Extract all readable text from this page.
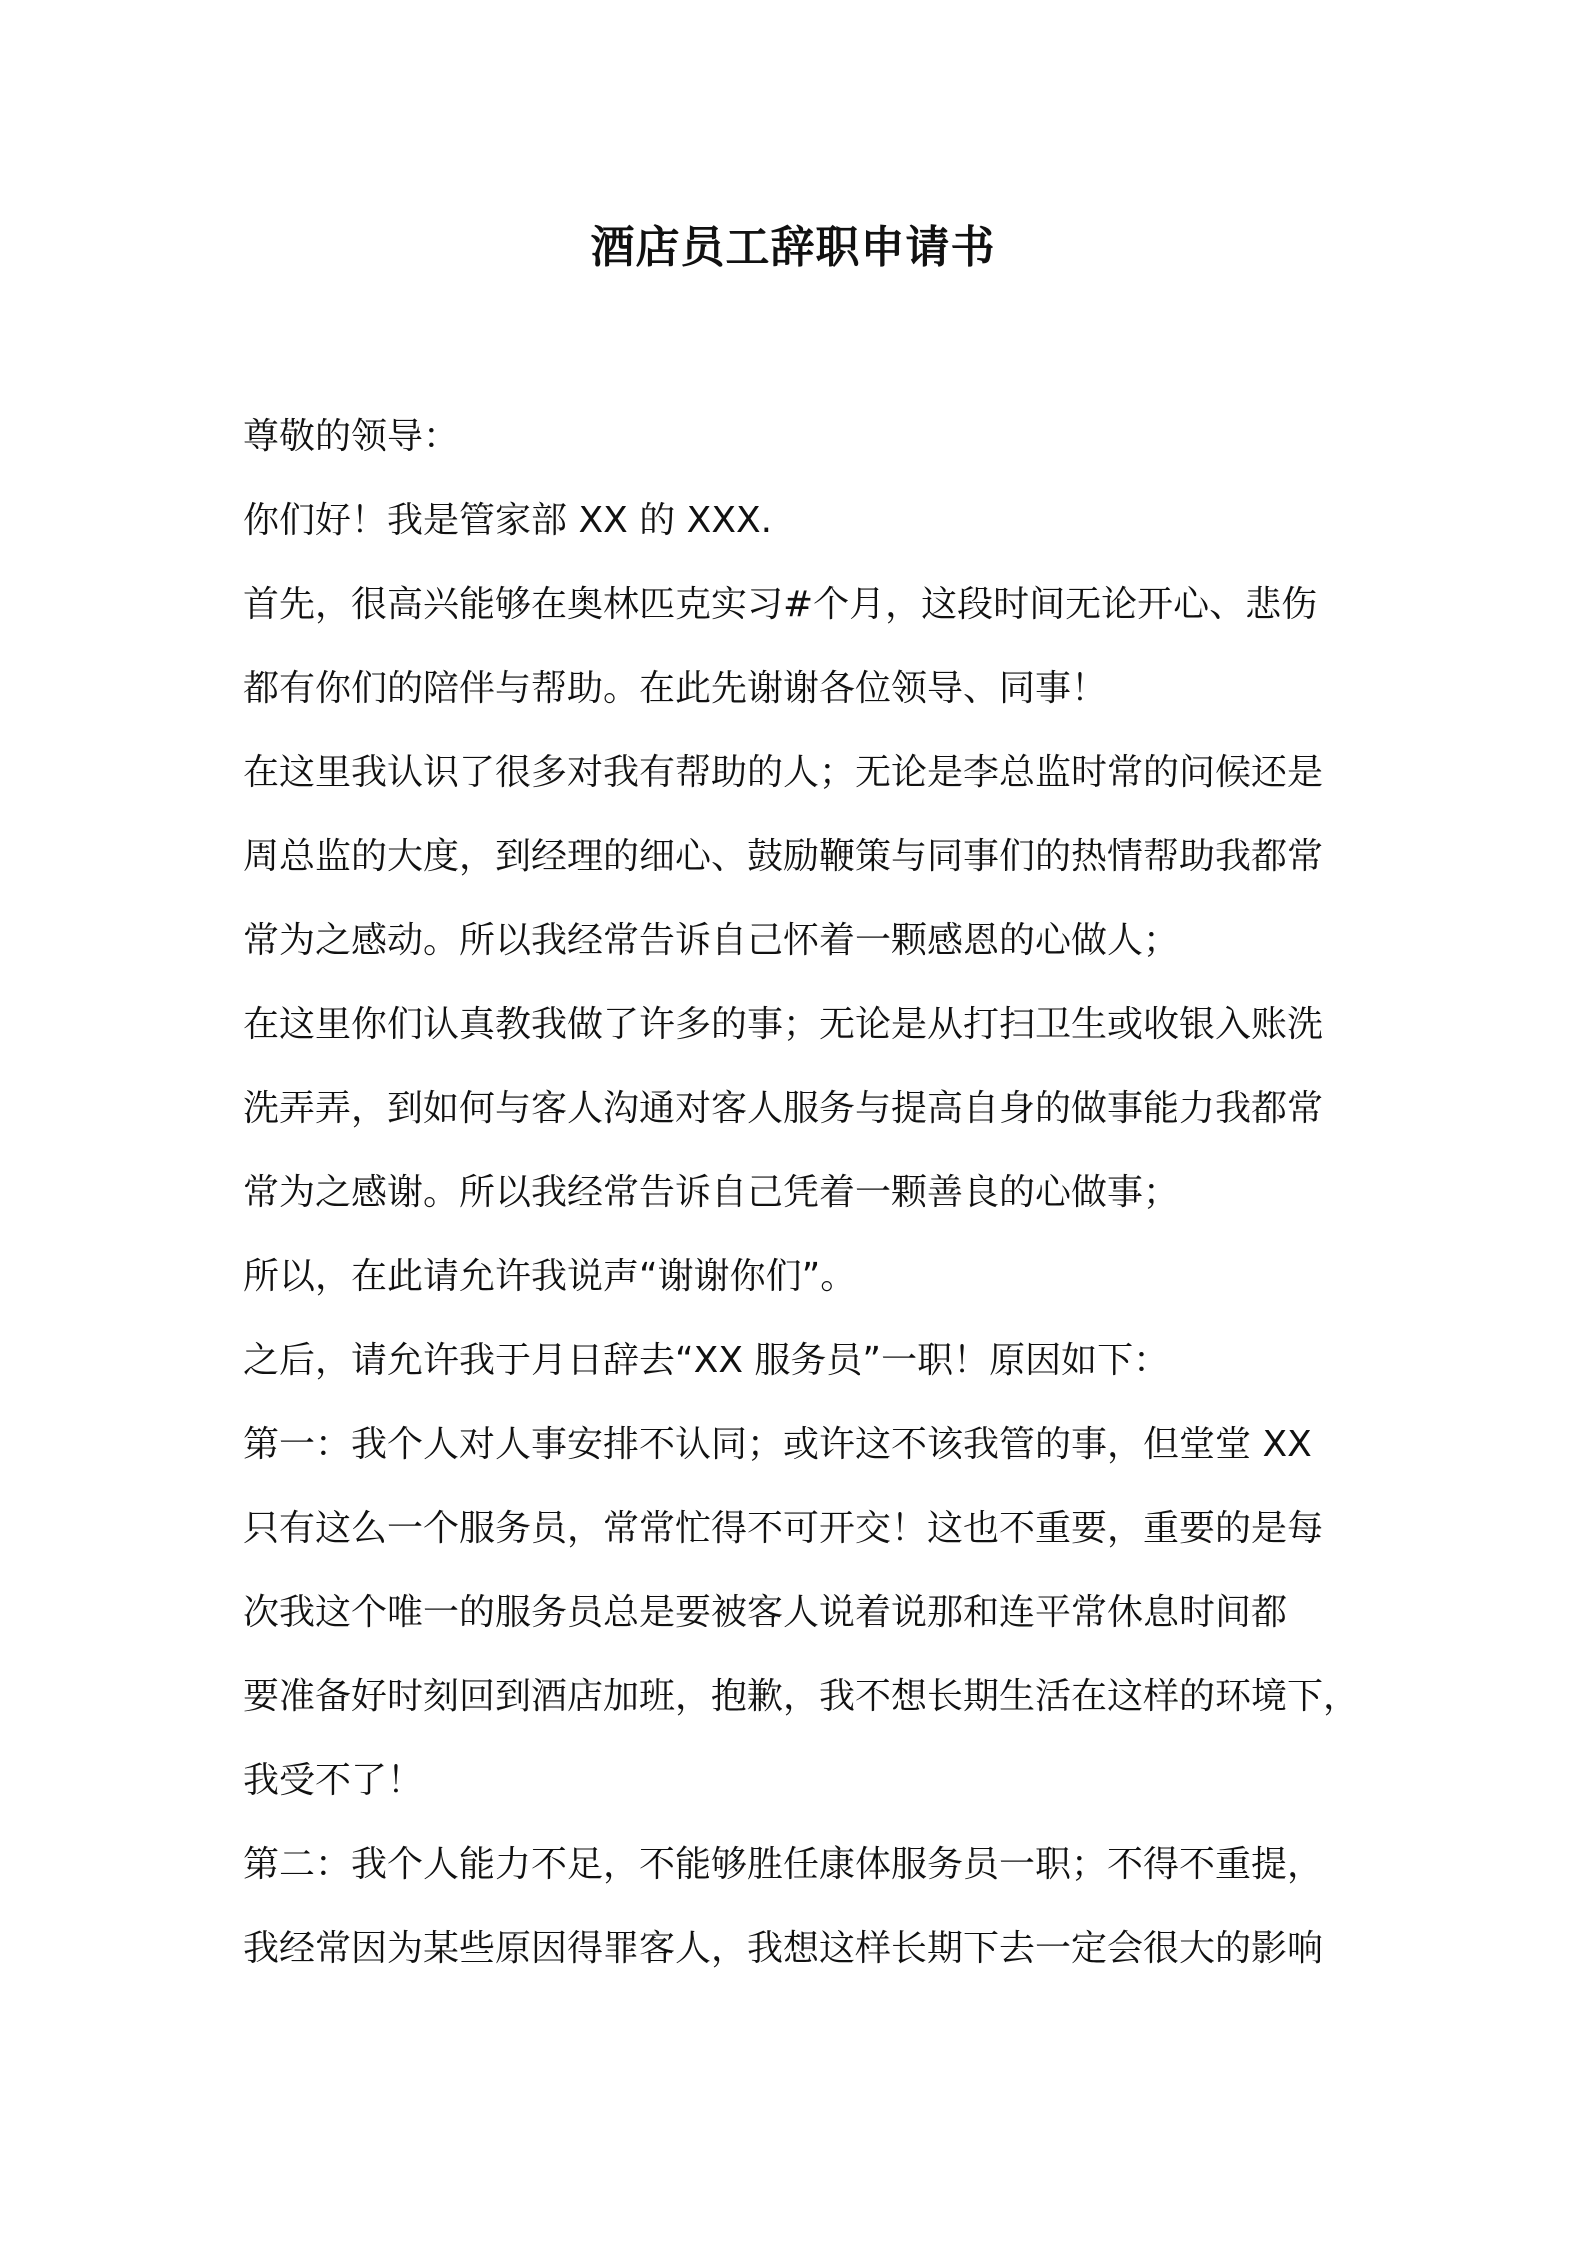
酒店员工辞职申请书
尊敬的领导：
你们好！我是管家部 XX 的 XXX.
首先，很高兴能够在奥林匹克实习#个月，这段时间无论开心、悲伤
都有你们的陪伴与帮助。在此先谢谢各位领导、同事！
在这里我认识了很多对我有帮助的人；无论是李总监时常的问候还是
周总监的大度，到经理的细心、鼓励鞭策与同事们的热情帮助我都常
常为之感动。所以我经常告诉自己怀着一颗感恩的心做人；
在这里你们认真教我做了许多的事；无论是从打扫卫生或收银入账洗
洗弄弄，到如何与客人沟通对客人服务与提高自身的做事能力我都常
常为之感谢。所以我经常告诉自己凭着一颗善良的心做事；
所以，在此请允许我说声“谢谢你们”。
之后，请允许我于月日辞去“XX 服务员”一职！原因如下：
第一：我个人对人事安排不认同；或许这不该我管的事，但堂堂 XX
只有这么一个服务员，常常忙得不可开交！这也不重要，重要的是每
次我这个唯一的服务员总是要被客人说着说那和连平常休息时间都
要准备好时刻回到酒店加班，抱歉，我不想长期生活在这样的环境下，
我受不了！
第二：我个人能力不足，不能够胜任康体服务员一职；不得不重提，
我经常因为某些原因得罪客人，我想这样长期下去一定会很大的影响
